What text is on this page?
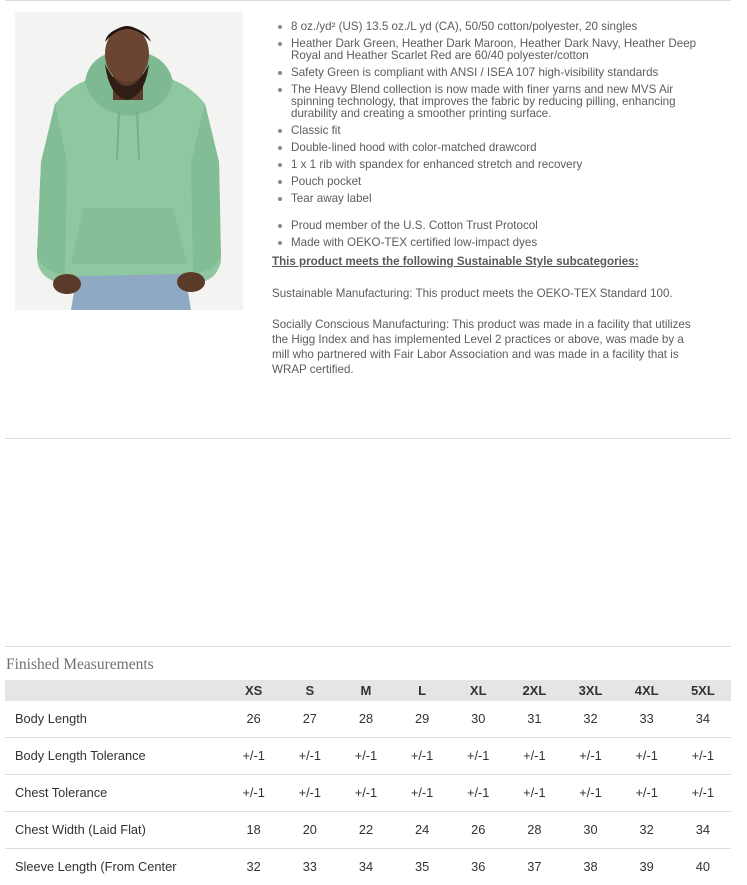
8 oz./yd² (US) 13.5 oz./L yd (CA), 50/50 cotton/polyester, 20 singles
Heather Dark Green, Heather Dark Maroon, Heather Dark Navy, Heather Deep Royal and Heather Scarlet Red are 60/40 polyester/cotton
Safety Green is compliant with ANSI / ISEA 107 high-visibility standards
The Heavy Blend collection is now made with finer yarns and new MVS Air spinning technology, that improves the fabric by reducing pilling, enhancing durability and creating a smoother printing surface.
Classic fit
Double-lined hood with color-matched drawcord
1 x 1 rib with spandex for enhanced stretch and recovery
Pouch pocket
Tear away label
Proud member of the U.S. Cotton Trust Protocol
Made with OEKO-TEX certified low-impact dyes
This product meets the following Sustainable Style subcategories:

Sustainable Manufacturing: This product meets the OEKO-TEX Standard 100.

Socially Conscious Manufacturing: This product was made in a facility that utilizes the Higg Index and has implemented Level 2 practices or above, was made by a mill who partnered with Fair Labor Association and was made in a facility that is WRAP certified.

Finished Measurements
	XS	S	M	L	XL	2XL	3XL	4XL	5XL
Body Length	26	27	28	29	30	31	32	33	34
Body Length Tolerance	+/-1	+/-1	+/-1	+/-1	+/-1	+/-1	+/-1	+/-1	+/-1
Chest Tolerance	+/-1	+/-1	+/-1	+/-1	+/-1	+/-1	+/-1	+/-1	+/-1
Chest Width (Laid Flat)	18	20	22	24	26	28	30	32	34
Sleeve Length (From Center	32	33	34	35	36	37	38	39	40
